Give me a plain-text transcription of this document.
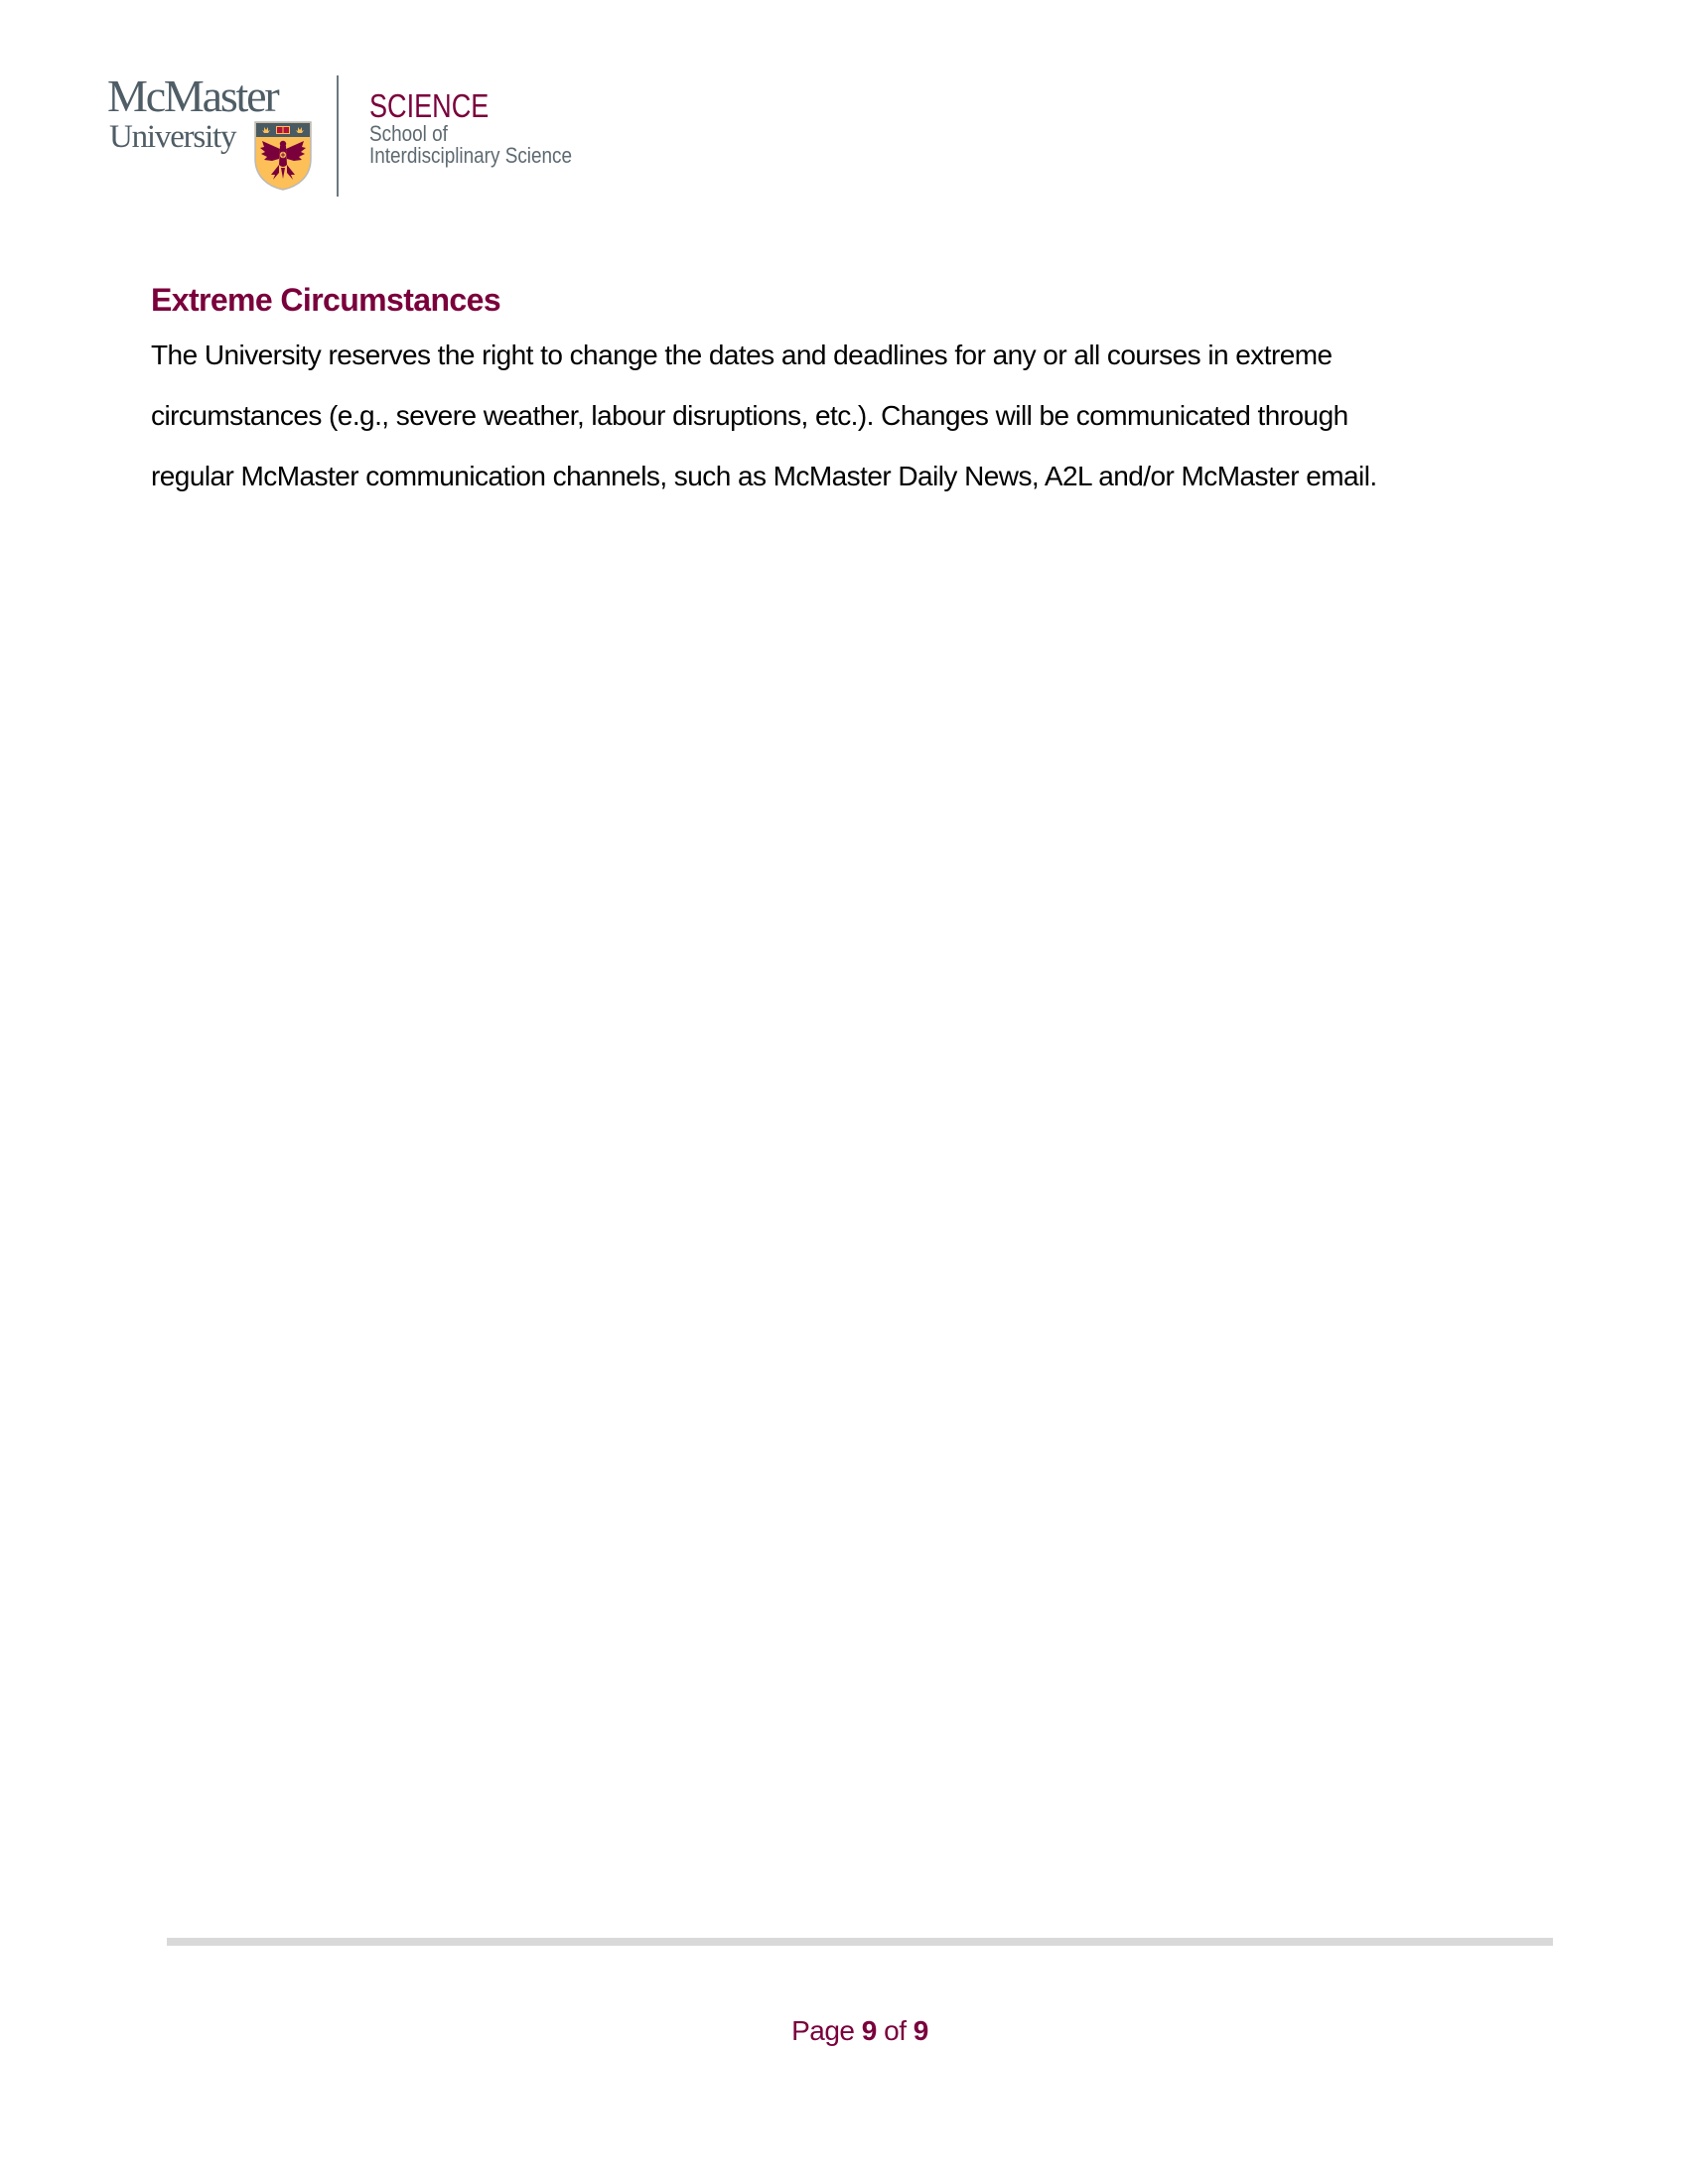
McMaster
University
SCIENCE
School of
Interdisciplinary Science
Extreme Circumstances

The University reserves the right to change the dates and deadlines for any or all courses in extreme
circumstances (e.g., severe weather, labour disruptions, etc.). Changes will be communicated through
regular McMaster communication channels, such as McMaster Daily News, A2L and/or McMaster email.

Page 9 of 9
